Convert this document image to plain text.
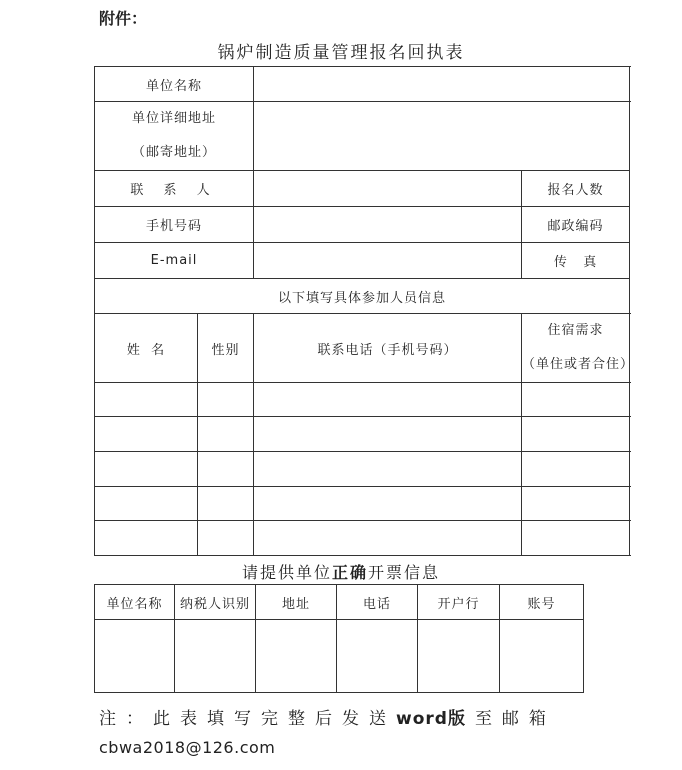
附件：
锅炉制造质量管理报名回执表
单位名称				

单位详细地址
（邮寄地址）				

联 系 人			报名人数	
手机号码			邮政编码	
E-mail			传   真	
以下填写具体参加人员信息				
姓  名	性别	联系电话（手机号码）	住宿需求
（单住或者合住）	

请提供单位正确开票信息
单位名称	纳税人识别	地址	电话	开户行	账号

注：此表填写完整后发送word版至邮箱
cbwa2018@126.com
